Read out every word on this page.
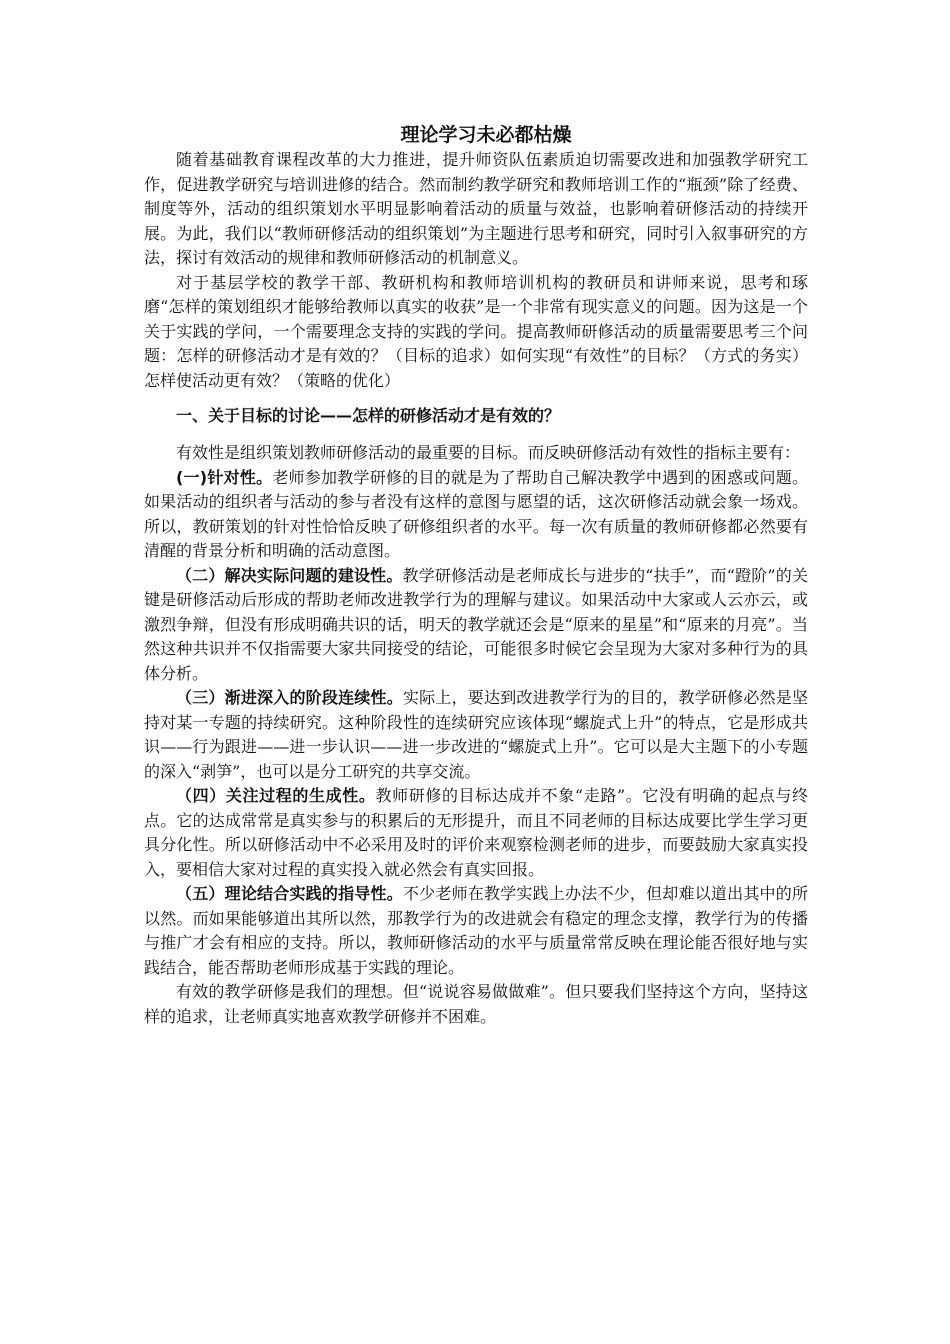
理论学习未必都枯燥

随着基础教育课程改革的大力推进，提升师资队伍素质迫切需要改进和加强教学研究工作，促进教学研究与培训进修的结合。然而制约教学研究和教师培训工作的“瓶颈”除了经费、制度等外，活动的组织策划水平明显影响着活动的质量与效益，也影响着研修活动的持续开展。为此，我们以“教师研修活动的组织策划”为主题进行思考和研究，同时引入叙事研究的方法，探讨有效活动的规律和教师研修活动的机制意义。

对于基层学校的教学干部、教研机构和教师培训机构的教研员和讲师来说，思考和琢磨“怎样的策划组织才能够给教师以真实的收获”是一个非常有现实意义的问题。因为这是一个关于实践的学问，一个需要理念支持的实践的学问。提高教师研修活动的质量需要思考三个问题：怎样的研修活动才是有效的？（目标的追求）如何实现“有效性”的目标？（方式的务实）怎样使活动更有效？（策略的优化）

一、关于目标的讨论——怎样的研修活动才是有效的？

有效性是组织策划教师研修活动的最重要的目标。而反映研修活动有效性的指标主要有：

(一)针对性。老师参加教学研修的目的就是为了帮助自己解决教学中遇到的困惑或问题。如果活动的组织者与活动的参与者没有这样的意图与愿望的话，这次研修活动就会象一场戏。所以，教研策划的针对性恰恰反映了研修组织者的水平。每一次有质量的教师研修都必然要有清醒的背景分析和明确的活动意图。

（二）解决实际问题的建设性。教学研修活动是老师成长与进步的“扶手”，而“蹬阶”的关键是研修活动后形成的帮助老师改进教学行为的理解与建议。如果活动中大家或人云亦云，或激烈争辩，但没有形成明确共识的话，明天的教学就还会是“原来的星星”和“原来的月亮”。当然这种共识并不仅指需要大家共同接受的结论，可能很多时候它会呈现为大家对多种行为的具体分析。

（三）渐进深入的阶段连续性。实际上，要达到改进教学行为的目的，教学研修必然是坚持对某一专题的持续研究。这种阶段性的连续研究应该体现“螺旋式上升”的特点，它是形成共识——行为跟进——进一步认识——进一步改进的“螺旋式上升”。它可以是大主题下的小专题的深入“剥笋”，也可以是分工研究的共享交流。

（四）关注过程的生成性。教师研修的目标达成并不象“走路”。它没有明确的起点与终点。它的达成常常是真实参与的积累后的无形提升，而且不同老师的目标达成要比学生学习更具分化性。所以研修活动中不必采用及时的评价来观察检测老师的进步，而要鼓励大家真实投入，要相信大家对过程的真实投入就必然会有真实回报。

（五）理论结合实践的指导性。不少老师在教学实践上办法不少，但却难以道出其中的所以然。而如果能够道出其所以然，那教学行为的改进就会有稳定的理念支撑，教学行为的传播与推广才会有相应的支持。所以，教师研修活动的水平与质量常常反映在理论能否很好地与实践结合，能否帮助老师形成基于实践的理论。

有效的教学研修是我们的理想。但“说说容易做做难”。但只要我们坚持这个方向，坚持这样的追求，让老师真实地喜欢教学研修并不困难。
